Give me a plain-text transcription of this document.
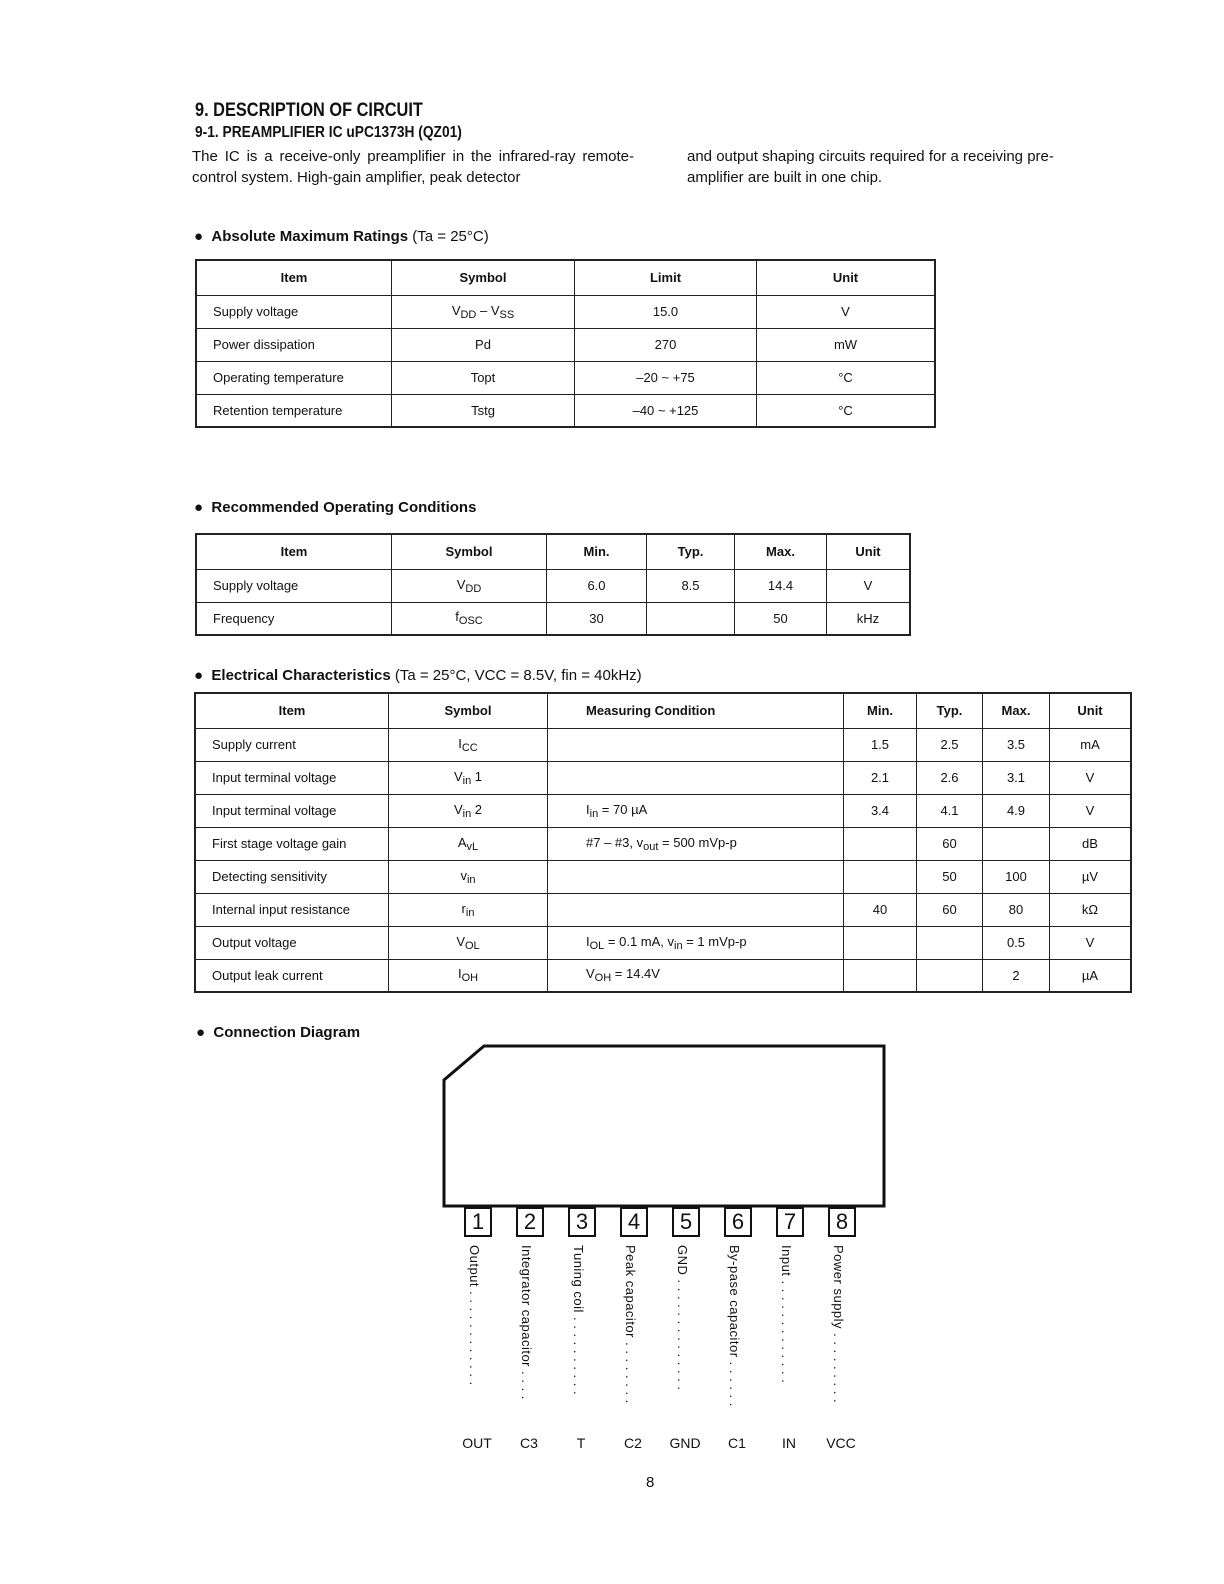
9. DESCRIPTION OF CIRCUIT
9-1. PREAMPLIFIER IC uPC1373H (QZ01)
The IC is a receive-only preamplifier in the infrared-ray remote-control system. High-gain amplifier, peak detector
and output shaping circuits required for a receiving pre-amplifier are built in one chip.
● Absolute Maximum Ratings (Ta = 25°C)
Item	Symbol	Limit	Unit
Supply voltage	$V_{DD} - V_{SS}$	15.0	V
Power dissipation	Pd	270	mW
Operating temperature	Topt	–20 ~ +75	°C
Retention temperature	Tstg	–40 ~ +125	°C
● Recommended Operating Conditions
Item	Symbol	Min.	Typ.	Max.	Unit
Supply voltage	$V_{DD}$	6.0	8.5	14.4	V
Frequency	$f_{OSC}$	30		50	kHz
● Electrical Characteristics (Ta = 25°C, VCC = 8.5V, fin = 40kHz)
Item	Symbol	Measuring Condition	Min.	Typ.	Max.	Unit
Supply current	$I_{CC}$		1.5	2.5	3.5	mA
Input terminal voltage	$V_{in}$ 1		2.1	2.6	3.1	V
Input terminal voltage	$V_{in}$ 2	$I_{in} = 70$ µA	3.4	4.1	4.9	V
First stage voltage gain	$A_{vL}$	#7 – #3, $v_{out} = 500$ mVp-p		60		dB
Detecting sensitivity	$v_{in}$			50	100	µV
Internal input resistance	$r_{in}$		40	60	80	kΩ
Output voltage	$V_{OL}$	$I_{OL} = 0.1$ mA, $v_{in} = 1$ mVp-p			0.5	V
Output leak current	$I_{OH}$	$V_{OH} = 14.4V$			2	µA
● Connection Diagram
1
Output . . . . . . . . . . . .
OUT
2
Integrator capacitor . . . .
C3
3
Tuning coil . . . . . . . . . .
T
4
Peak capacitor . . . . . . . .
C2
5
GND . . . . . . . . . . . . . .
GND
6
By-pase capacitor . . . . . .
C1
7
Input . . . . . . . . . . . . .
IN
8
Power supply . . . . . . . . .
VCC
8
